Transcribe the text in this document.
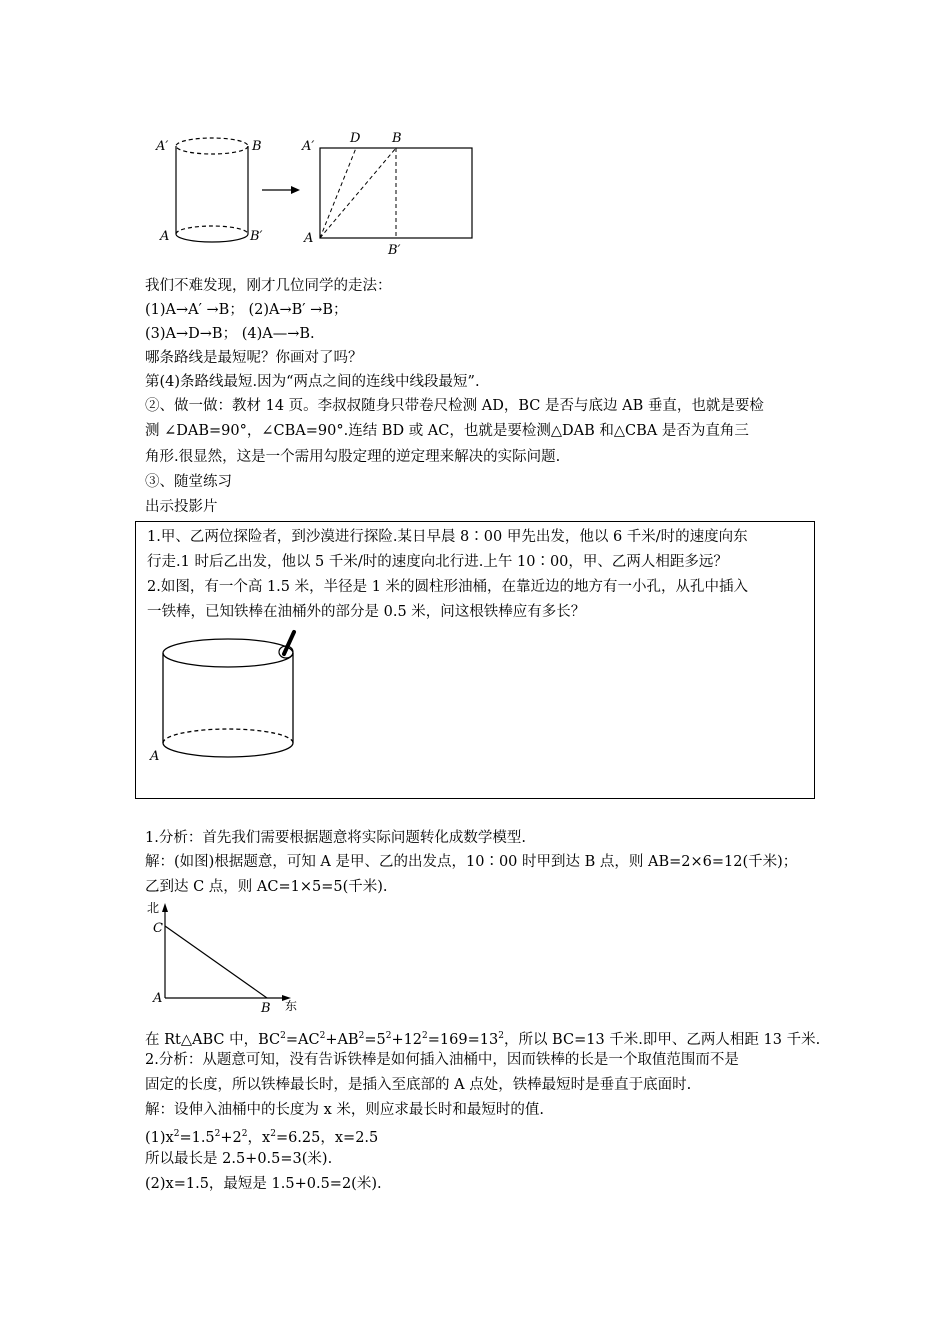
A′	B
A	B′
A′
D B
A
B′
我们不难发现，刚才几位同学的走法：
(1)A→A′ →B； (2)A→B′ →B；
(3)A→D→B； (4)A—→B.
哪条路线是最短呢？你画对了吗？
第(4)条路线最短.因为“两点之间的连线中线段最短”.
②、做一做：教材 14 页。李叔叔随身只带卷尺检测 AD，BC 是否与底边 AB 垂直，也就是要检
测 ∠DAB=90°，∠CBA=90°.连结 BD 或 AC，也就是要检测△DAB 和△CBA 是否为直角三
角形.很显然，这是一个需用勾股定理的逆定理来解决的实际问题.
③、随堂练习
出示投影片
1.甲、乙两位探险者，到沙漠进行探险.某日早晨 8∶00 甲先出发，他以 6 千米/时的速度向东
行走.1 时后乙出发，他以 5 千米/时的速度向北行进.上午 10∶00，甲、乙两人相距多远？
2.如图，有一个高 1.5 米，半径是 1 米的圆柱形油桶，在靠近边的地方有一小孔，从孔中插入
一铁棒，已知铁棒在油桶外的部分是 0.5 米，问这根铁棒应有多长？
A
1.分析：首先我们需要根据题意将实际问题转化成数学模型.
解：(如图)根据题意，可知 A 是甲、乙的出发点，10∶00 时甲到达 B 点，则 AB=2×6=12(千米)；
乙到达 C 点，则 AC=1×5=5(千米).
北
东
C
A
B
在 Rt△ABC 中，$BC^2=AC^2+AB^2=5^2+12^2=169=13^2$，所以 BC=13 千米.即甲、乙两人相距 13 千米.
2.分析：从题意可知，没有告诉铁棒是如何插入油桶中，因而铁棒的长是一个取值范围而不是
固定的长度，所以铁棒最长时，是插入至底部的 A 点处，铁棒最短时是垂直于底面时.
解：设伸入油桶中的长度为 x 米，则应求最长时和最短时的值.
$(1)x^2=1.5^2+2^2$，$x^2=6.25$，x=2.5
所以最长是 2.5+0.5=3(米).
(2)x=1.5，最短是 1.5+0.5=2(米).
